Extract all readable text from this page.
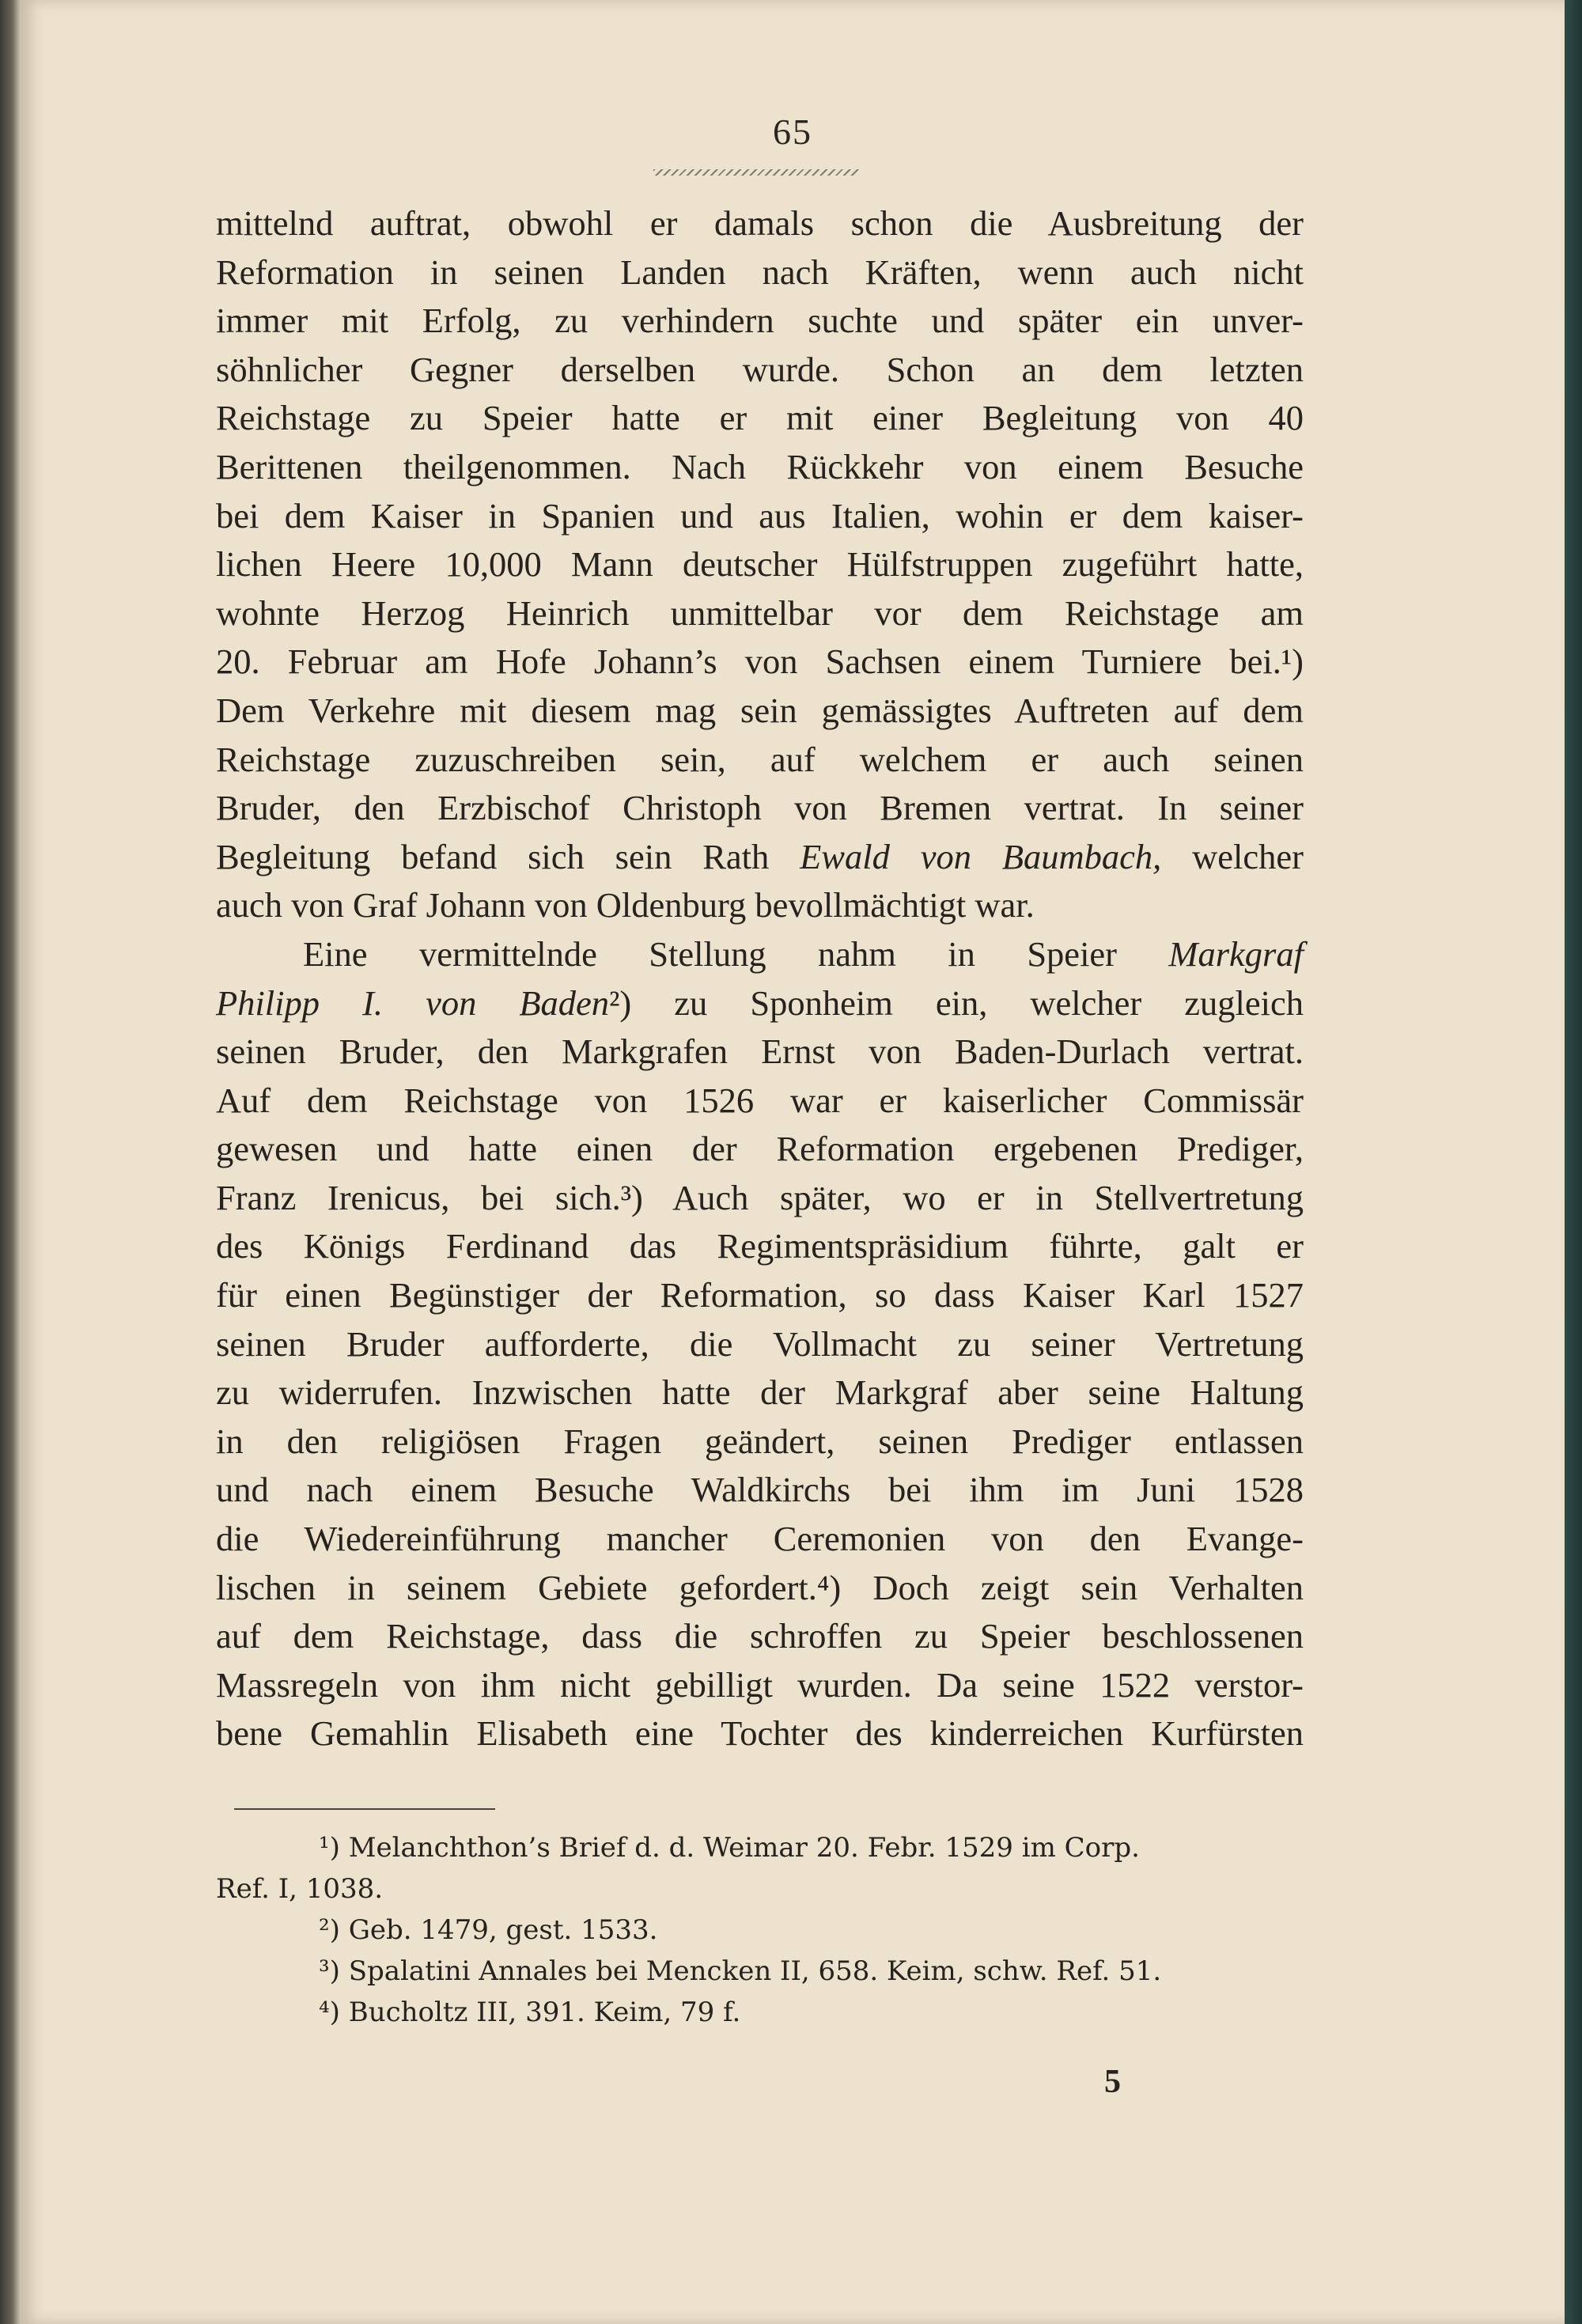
65
mittelnd auftrat, obwohl er damals schon die Ausbreitung der
Reformation in seinen Landen nach Kräften, wenn auch nicht
immer mit Erfolg, zu verhindern suchte und später ein unver-
söhnlicher Gegner derselben wurde. Schon an dem letzten
Reichstage zu Speier hatte er mit einer Begleitung von 40
Berittenen theilgenommen. Nach Rückkehr von einem Besuche
bei dem Kaiser in Spanien und aus Italien, wohin er dem kaiser-
lichen Heere 10,000 Mann deutscher Hülfstruppen zugeführt hatte,
wohnte Herzog Heinrich unmittelbar vor dem Reichstage am
20. Februar am Hofe Johann’s von Sachsen einem Turniere bei.¹)
Dem Verkehre mit diesem mag sein gemässigtes Auftreten auf dem
Reichstage zuzuschreiben sein, auf welchem er auch seinen
Bruder, den Erzbischof Christoph von Bremen vertrat. In seiner
Begleitung befand sich sein Rath Ewald von Baumbach, welcher
auch von Graf Johann von Oldenburg bevollmächtigt war.
Eine vermittelnde Stellung nahm in Speier Markgraf
Philipp I. von Baden²) zu Sponheim ein, welcher zugleich
seinen Bruder, den Markgrafen Ernst von Baden-Durlach vertrat.
Auf dem Reichstage von 1526 war er kaiserlicher Commissär
gewesen und hatte einen der Reformation ergebenen Prediger,
Franz Irenicus, bei sich.³) Auch später, wo er in Stellvertretung
des Königs Ferdinand das Regimentspräsidium führte, galt er
für einen Begünstiger der Reformation, so dass Kaiser Karl 1527
seinen Bruder aufforderte, die Vollmacht zu seiner Vertretung
zu widerrufen. Inzwischen hatte der Markgraf aber seine Haltung
in den religiösen Fragen geändert, seinen Prediger entlassen
und nach einem Besuche Waldkirchs bei ihm im Juni 1528
die Wiedereinführung mancher Ceremonien von den Evange-
lischen in seinem Gebiete gefordert.⁴) Doch zeigt sein Verhalten
auf dem Reichstage, dass die schroffen zu Speier beschlossenen
Massregeln von ihm nicht gebilligt wurden. Da seine 1522 verstor-
bene Gemahlin Elisabeth eine Tochter des kinderreichen Kurfürsten
¹) Melanchthon’s Brief d. d. Weimar 20. Febr. 1529 im Corp.
Ref. I, 1038.
²) Geb. 1479, gest. 1533.
³) Spalatini Annales bei Mencken II, 658. Keim, schw. Ref. 51.
⁴) Bucholtz III, 391. Keim, 79 f.
5
